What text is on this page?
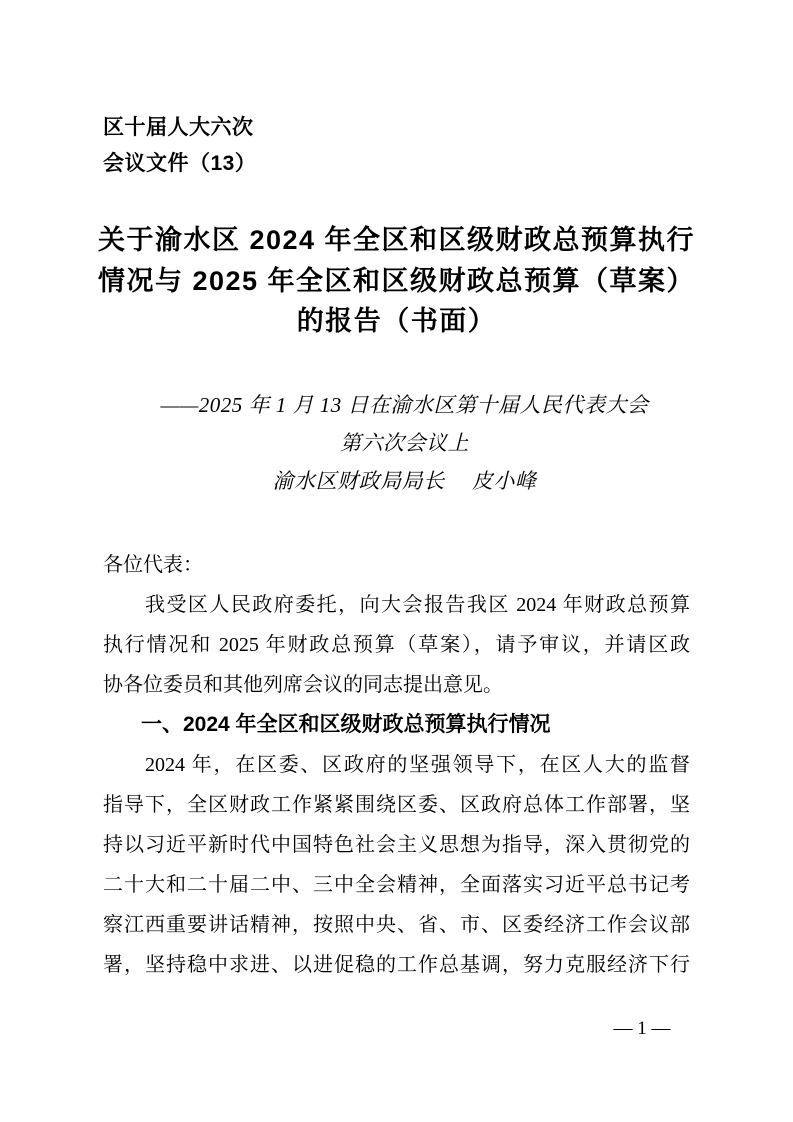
区十届人大六次
会议文件（13）
关于渝水区 2024 年全区和区级财政总预算执行
情况与 2025 年全区和区级财政总预算（草案）
的报告（书面）
——2025 年 1 月 13 日在渝水区第十届人民代表大会
第六次会议上
渝水区财政局局长　 皮小峰
各位代表：
我受区人民政府委托，向大会报告我区 2024 年财政总预算
执行情况和 2025 年财政总预算（草案），请予审议，并请区政
协各位委员和其他列席会议的同志提出意见。
一、2024 年全区和区级财政总预算执行情况
2024 年，在区委、区政府的坚强领导下，在区人大的监督
指导下，全区财政工作紧紧围绕区委、区政府总体工作部署，坚
持以习近平新时代中国特色社会主义思想为指导，深入贯彻党的
二十大和二十届二中、三中全会精神，全面落实习近平总书记考
察江西重要讲话精神，按照中央、省、市、区委经济工作会议部
署，坚持稳中求进、以进促稳的工作总基调，努力克服经济下行
— 1 —
